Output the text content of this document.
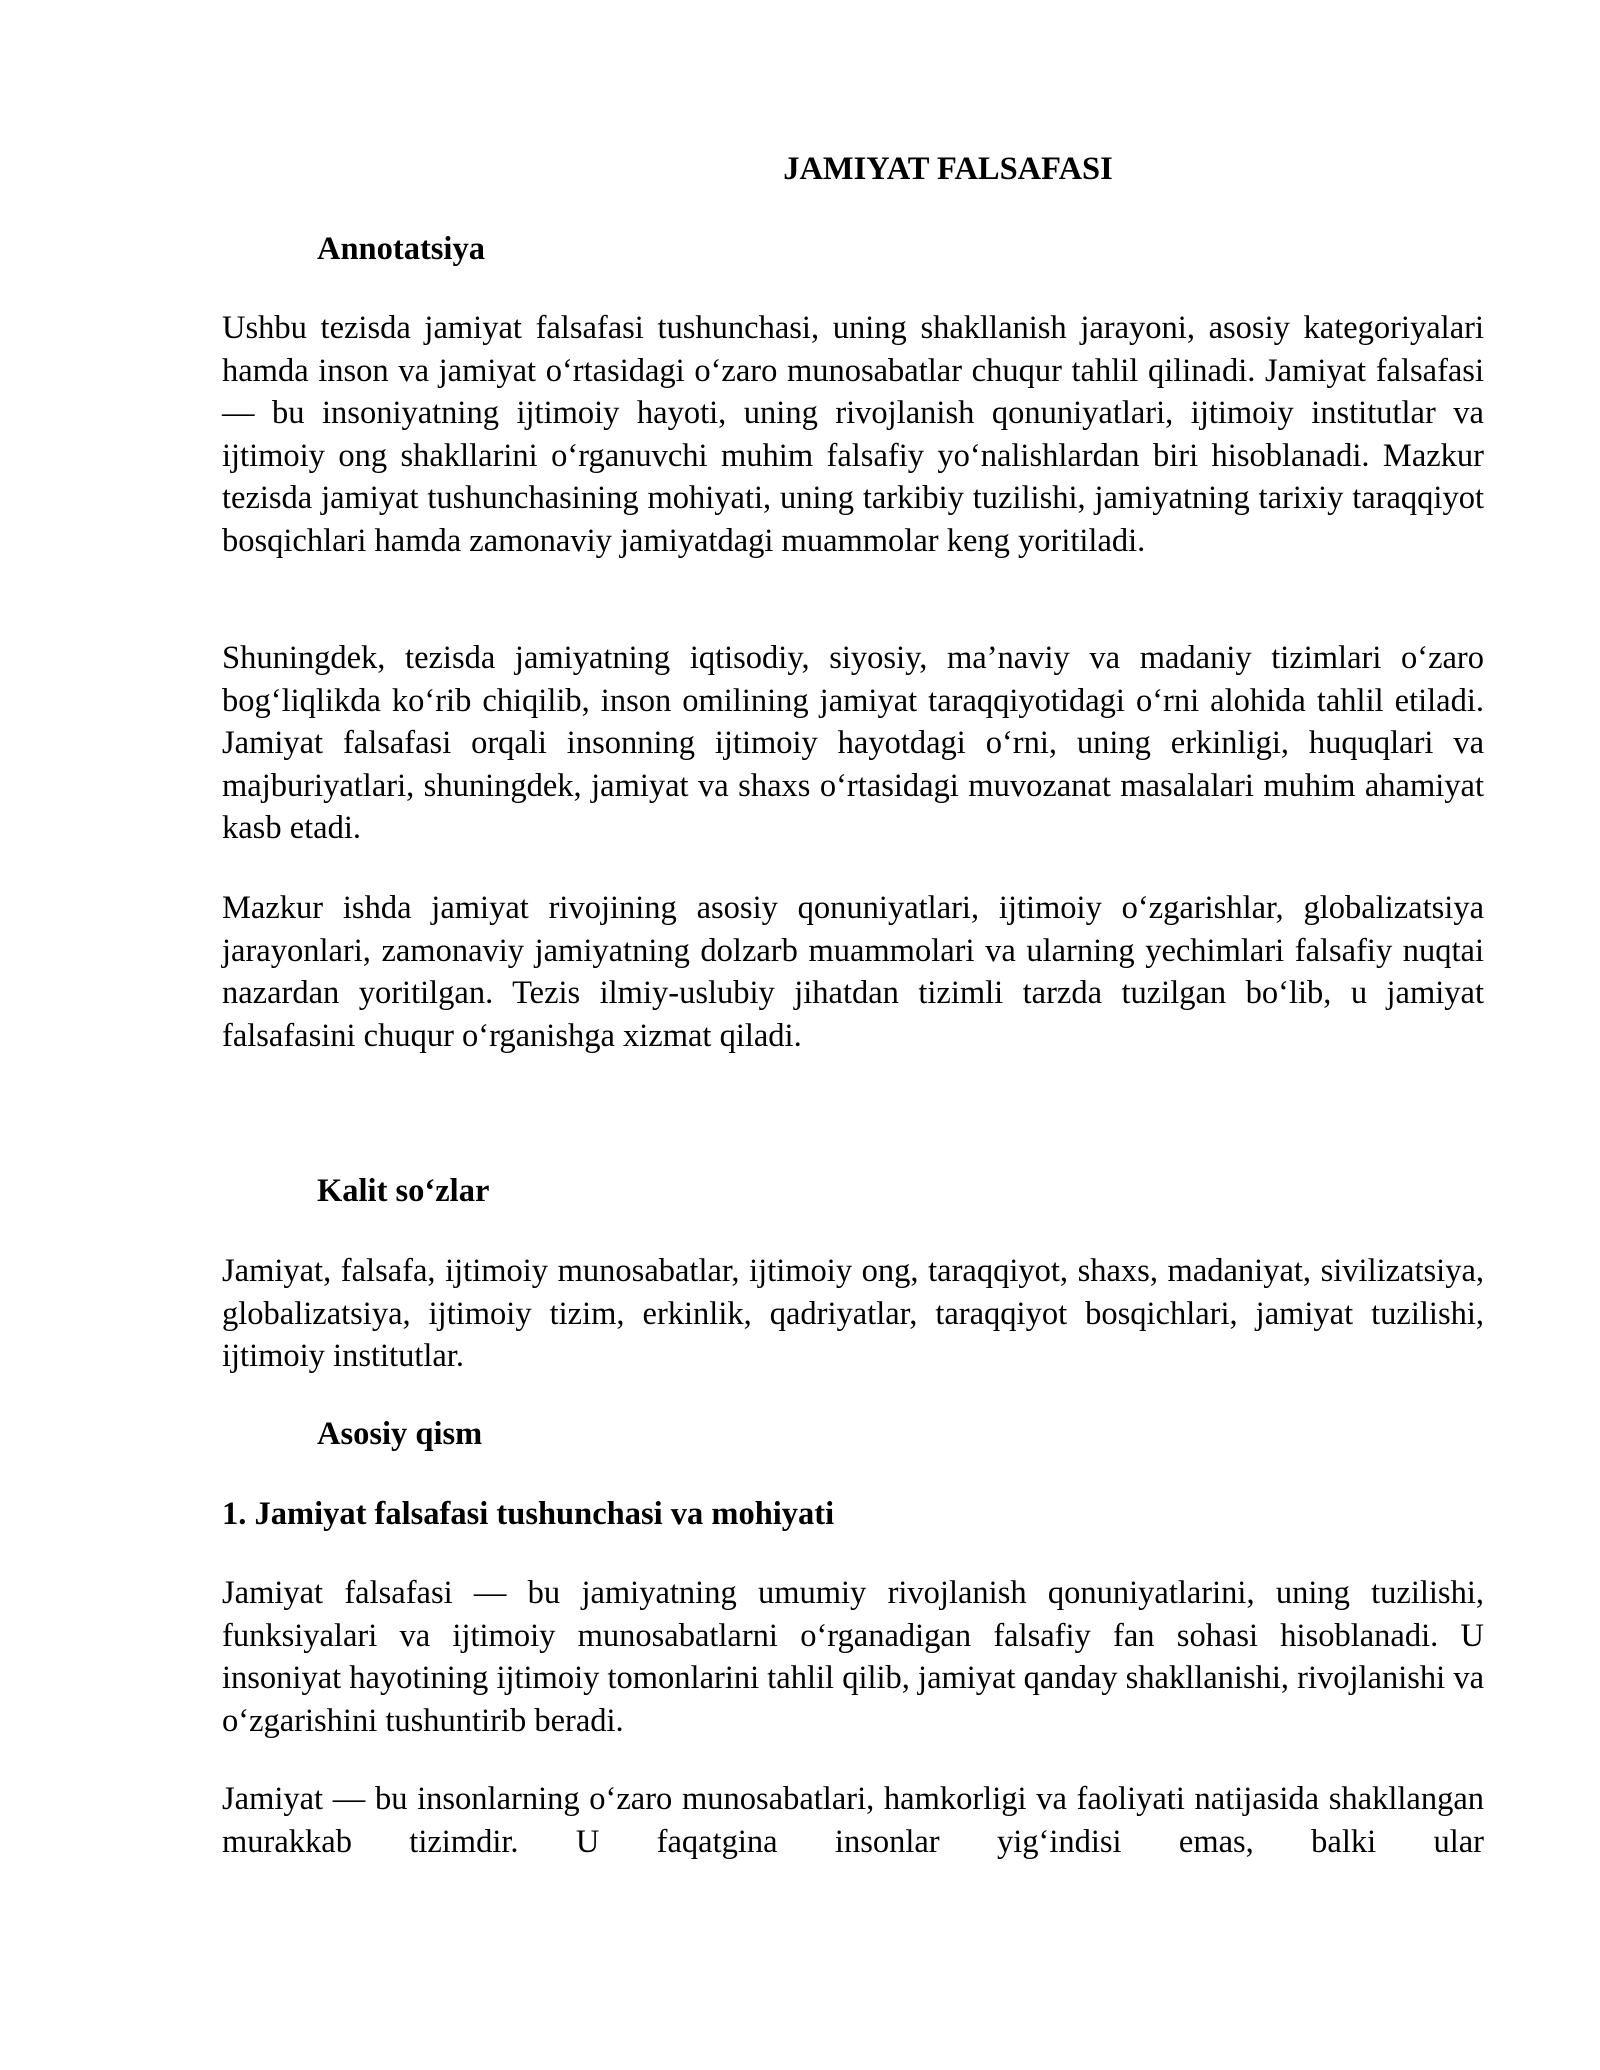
JAMIYAT FALSAFASI
Annotatsiya

Ushbu tezisda jamiyat falsafasi tushunchasi, uning shakllanish jarayoni, asosiy kategoriyalari hamda inson va jamiyat o‘rtasidagi o‘zaro munosabatlar chuqur tahlil qilinadi. Jamiyat falsafasi — bu insoniyatning ijtimoiy hayoti, uning rivojlanish qonuniyatlari, ijtimoiy institutlar va ijtimoiy ong shakllarini o‘rganuvchi muhim falsafiy yo‘nalishlardan biri hisoblanadi. Mazkur tezisda jamiyat tushunchasining mohiyati, uning tarkibiy tuzilishi, jamiyatning tarixiy taraqqiyot bosqichlari hamda zamonaviy jamiyatdagi muammolar keng yoritiladi.

Shuningdek, tezisda jamiyatning iqtisodiy, siyosiy, ma’naviy va madaniy tizimlari o‘zaro bog‘liqlikda ko‘rib chiqilib, inson omilining jamiyat taraqqiyotidagi o‘rni alohida tahlil etiladi. Jamiyat falsafasi orqali insonning ijtimoiy hayotdagi o‘rni, uning erkinligi, huquqlari va majburiyatlari, shuningdek, jamiyat va shaxs o‘rtasidagi muvozanat masalalari muhim ahamiyat kasb etadi.

Mazkur ishda jamiyat rivojining asosiy qonuniyatlari, ijtimoiy o‘zgarishlar, globalizatsiya jarayonlari, zamonaviy jamiyatning dolzarb muammolari va ularning yechimlari falsafiy nuqtai nazardan yoritilgan. Tezis ilmiy-uslubiy jihatdan tizimli tarzda tuzilgan bo‘lib, u jamiyat falsafasini chuqur o‘rganishga xizmat qiladi.

Kalit so‘zlar

Jamiyat, falsafa, ijtimoiy munosabatlar, ijtimoiy ong, taraqqiyot, shaxs, madaniyat, sivilizatsiya, globalizatsiya, ijtimoiy tizim, erkinlik, qadriyatlar, taraqqiyot bosqichlari, jamiyat tuzilishi, ijtimoiy institutlar.

Asosiy qism
1. Jamiyat falsafasi tushunchasi va mohiyati

Jamiyat falsafasi — bu jamiyatning umumiy rivojlanish qonuniyatlarini, uning tuzilishi, funksiyalari va ijtimoiy munosabatlarni o‘rganadigan falsafiy fan sohasi hisoblanadi. U insoniyat hayotining ijtimoiy tomonlarini tahlil qilib, jamiyat qanday shakllanishi, rivojlanishi va o‘zgarishini tushuntirib beradi.

Jamiyat — bu insonlarning o‘zaro munosabatlari, hamkorligi va faoliyati natijasida shakllangan murakkab tizimdir. U faqatgina insonlar yig‘indisi emas, balki ular
